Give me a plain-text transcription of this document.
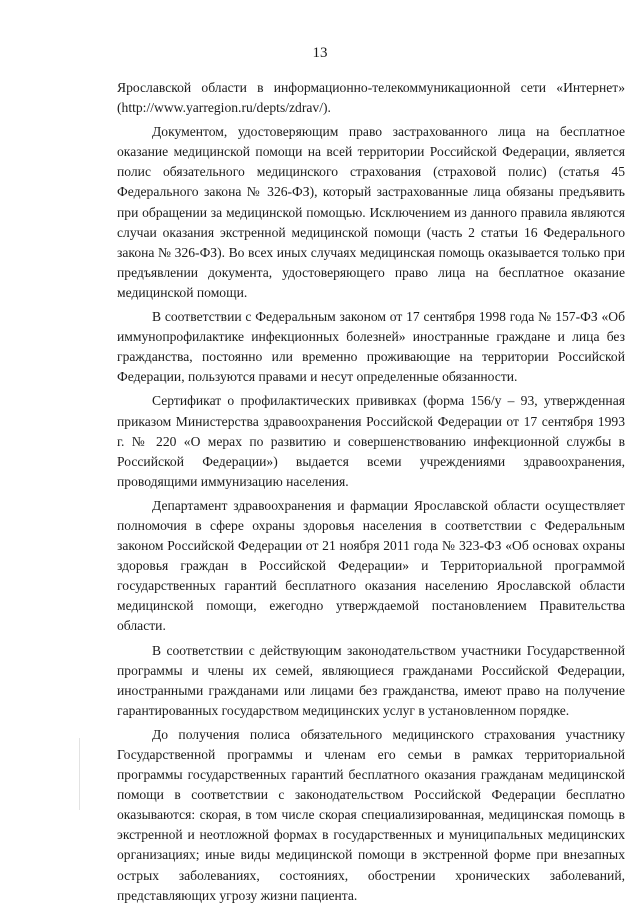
13

Ярославской области в информационно-телекоммуникационной сети «Интернет» (http://www.yarregion.ru/depts/zdrav/).

Документом, удостоверяющим право застрахованного лица на бесплатное оказание медицинской помощи на всей территории Российской Федерации, является полис обязательного медицинского страхования (страховой полис) (статья 45 Федерального закона № 326-ФЗ), который застрахованные лица обязаны предъявить при обращении за медицинской помощью. Исключением из данного правила являются случаи оказания экстренной медицинской помощи (часть 2 статьи 16 Федерального закона № 326-ФЗ). Во всех иных случаях медицинская помощь оказывается только при предъявлении документа, удостоверяющего право лица на бесплатное оказание медицинской помощи.

В соответствии с Федеральным законом от 17 сентября 1998 года № 157-ФЗ «Об иммунопрофилактике инфекционных болезней» иностранные граждане и лица без гражданства, постоянно или временно проживающие на территории Российской Федерации, пользуются правами и несут определенные обязанности.

Сертификат о профилактических прививках (форма 156/у – 93, утвержденная приказом Министерства здравоохранения Российской Федерации от 17 сентября 1993 г. № 220 «О мерах по развитию и совершенствованию инфекционной службы в Российской Федерации») выдается всеми учреждениями здравоохранения, проводящими иммунизацию населения.

Департамент здравоохранения и фармации Ярославской области осуществляет полномочия в сфере охраны здоровья населения в соответствии с Федеральным законом Российской Федерации от 21 ноября 2011 года № 323-ФЗ «Об основах охраны здоровья граждан в Российской Федерации» и Территориальной программой государственных гарантий бесплатного оказания населению Ярославской области медицинской помощи, ежегодно утверждаемой постановлением Правительства области.

В соответствии с действующим законодательством участники Государственной программы и члены их семей, являющиеся гражданами Российской Федерации, иностранными гражданами или лицами без гражданства, имеют право на получение гарантированных государством медицинских услуг в установленном порядке.

До получения полиса обязательного медицинского страхования участнику Государственной программы и членам его семьи в рамках территориальной программы государственных гарантий бесплатного оказания гражданам медицинской помощи в соответствии с законодательством Российской Федерации бесплатно оказываются: скорая, в том числе скорая специализированная, медицинская помощь в экстренной и неотложной формах в государственных и муниципальных медицинских организациях; иные виды медицинской помощи в экстренной форме при внезапных острых заболеваниях, состояниях, обострении хронических заболеваний, представляющих угрозу жизни пациента.
